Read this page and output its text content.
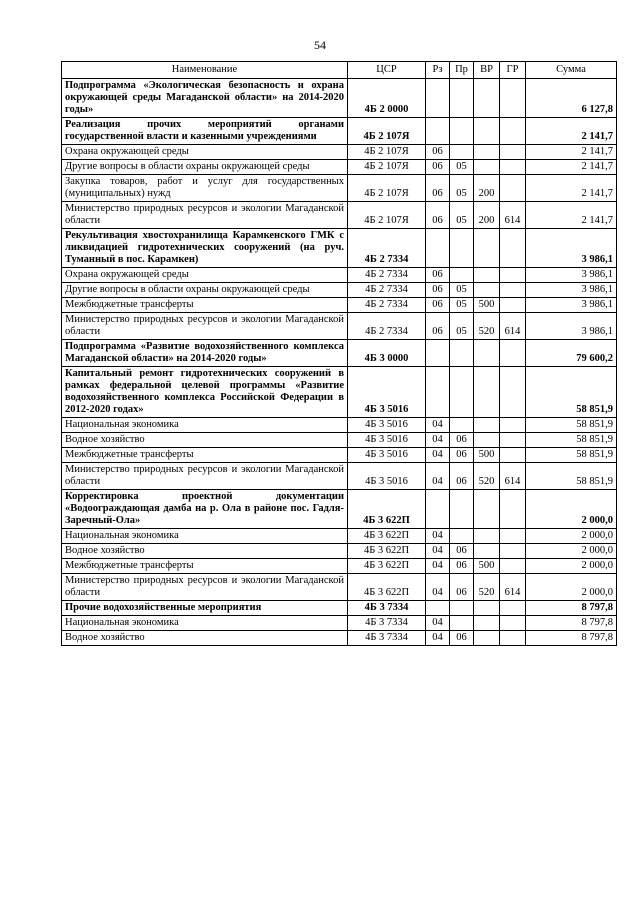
54
Наименование	ЦСР	Рз	Пр	ВР	ГР	Сумма
Подпрограмма «Экологическая безопасность и охрана окружающей среды Магаданской области» на 2014-2020 годы»	4Б 2 0000					6 127,8
Реализация прочих мероприятий органами государственной власти и казенными учреждениями	4Б 2 107Я					2 141,7
Охрана окружающей среды	4Б 2 107Я	06				2 141,7
Другие вопросы в области охраны окружающей среды	4Б 2 107Я	06	05			2 141,7
Закупка товаров, работ и услуг для государственных (муниципальных) нужд	4Б 2 107Я	06	05	200		2 141,7
Министерство природных ресурсов и экологии Магаданской области	4Б 2 107Я	06	05	200	614	2 141,7
Рекультивация хвостохранилища Карамкенского ГМК с ликвидацией гидротехнических сооружений (на руч. Туманный в пос. Карамкен)	4Б 2 7334					3 986,1
Охрана окружающей среды	4Б 2 7334	06				3 986,1
Другие вопросы в области охраны окружающей среды	4Б 2 7334	06	05			3 986,1
Межбюджетные трансферты	4Б 2 7334	06	05	500		3 986,1
Министерство природных ресурсов и экологии Магаданской области	4Б 2 7334	06	05	520	614	3 986,1
Подпрограмма «Развитие водохозяйственного комплекса Магаданской области» на 2014-2020 годы»	4Б 3 0000					79 600,2
Капитальный ремонт гидротехнических сооружений в рамках федеральной целевой программы «Развитие водохозяйственного комплекса Российской Федерации в 2012-2020 годах»	4Б 3 5016					58 851,9
Национальная экономика	4Б 3 5016	04				58 851,9
Водное хозяйство	4Б 3 5016	04	06			58 851,9
Межбюджетные трансферты	4Б 3 5016	04	06	500		58 851,9
Министерство природных ресурсов и экологии Магаданской области	4Б 3 5016	04	06	520	614	58 851,9
Корректировка проектной документации «Водоограждающая дамба на р. Ола в районе пос. Гадля-Заречный-Ола»	4Б 3 622П					2 000,0
Национальная экономика	4Б 3 622П	04				2 000,0
Водное хозяйство	4Б 3 622П	04	06			2 000,0
Межбюджетные трансферты	4Б 3 622П	04	06	500		2 000,0
Министерство природных ресурсов и экологии Магаданской области	4Б 3 622П	04	06	520	614	2 000,0
Прочие водохозяйственные мероприятия	4Б 3 7334					8 797,8
Национальная экономика	4Б 3 7334	04				8 797,8
Водное хозяйство	4Б 3 7334	04	06			8 797,8
